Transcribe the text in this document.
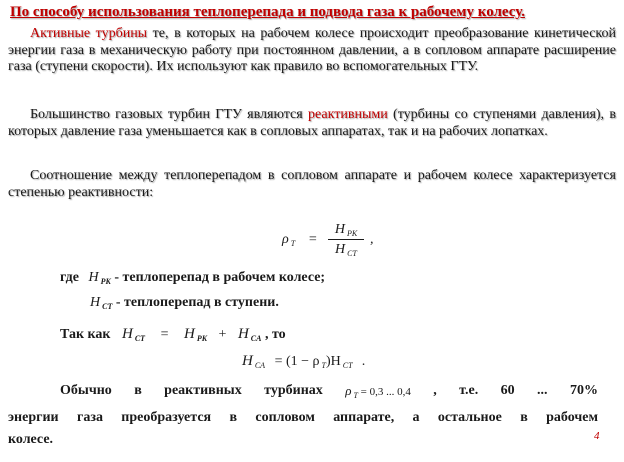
По способу использования теплоперепада и подвода газа к рабочему колесу.
Активные турбины те, в которых на рабочем колесе происходит преобразование кинетической энергии газа в механическую работу при постоянном давлении, а в сопловом аппарате расширение газа (ступени скорости). Их используют как правило во вспомогательных ГТУ.
Большинство газовых турбин ГТУ являются реактивными (турбины со ступенями давления), в которых давление газа уменьшается как в сопловых аппаратах, так и на рабочих лопатках.
Соотношение между теплоперепадом в сопловом аппарате и рабочем колесе характеризуется степенью реактивности:
ρ $_T$ =
H $_{PK}$
H $_{CT}$
,
где H $_{PK}$ - теплоперепад в рабочем колесе;
H $_{CT}$ - теплоперепад в ступени.
Так как H $_{CT}$ = H $_{PK}$ + H $_{CA}$ , то
H $_{CA}$ = (1 − ρ $_T$)H $_{CT}$ .
Обычно в реактивных турбинах ρ $_T$ = 0,3 ... 0,4 , т.е. 60 ... 70%
энергии газа преобразуется в сопловом аппарате, а остальное в рабочем
колесе.	4
